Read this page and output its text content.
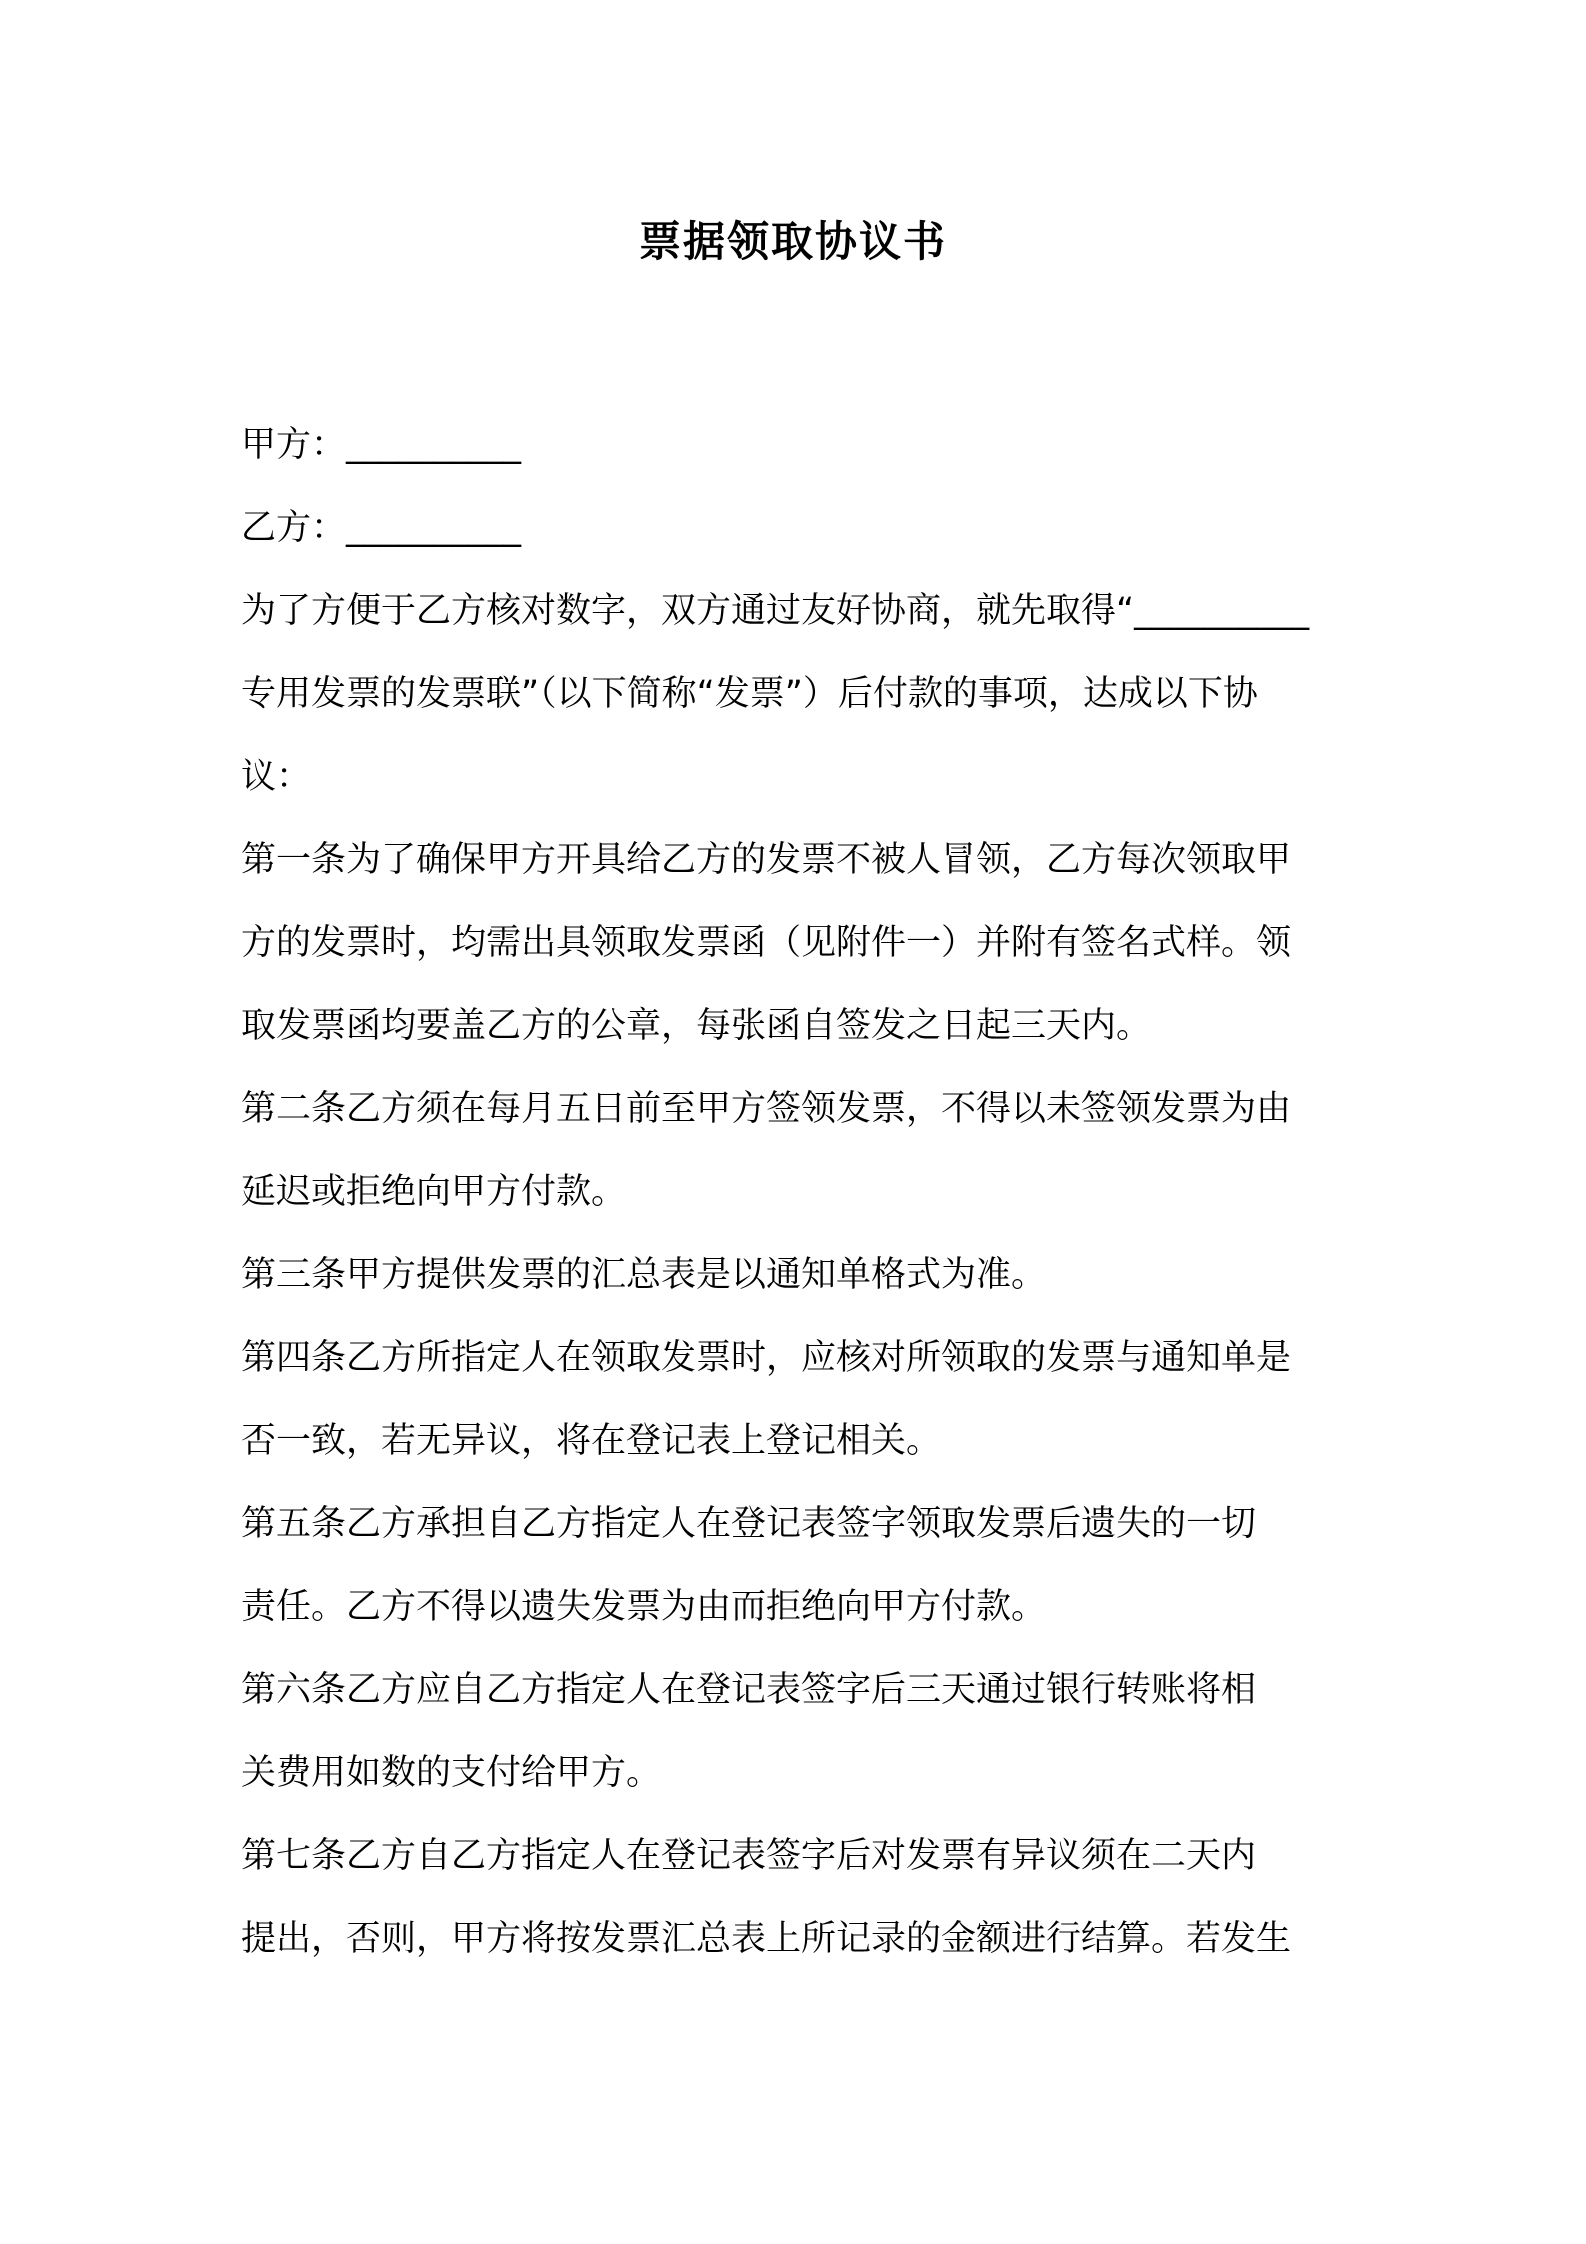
票据领取协议书
甲方：__________
乙方：__________
为了方便于乙方核对数字，双方通过友好协商，就先取得“__________
专用发票的发票联”（以下简称“发票”）后付款的事项，达成以下协
议：
第一条为了确保甲方开具给乙方的发票不被人冒领，乙方每次领取甲
方的发票时，均需出具领取发票函（见附件一）并附有签名式样。领
取发票函均要盖乙方的公章，每张函自签发之日起三天内。
第二条乙方须在每月五日前至甲方签领发票，不得以未签领发票为由
延迟或拒绝向甲方付款。
第三条甲方提供发票的汇总表是以通知单格式为准。
第四条乙方所指定人在领取发票时，应核对所领取的发票与通知单是
否一致，若无异议，将在登记表上登记相关。
第五条乙方承担自乙方指定人在登记表签字领取发票后遗失的一切
责任。乙方不得以遗失发票为由而拒绝向甲方付款。
第六条乙方应自乙方指定人在登记表签字后三天通过银行转账将相
关费用如数的支付给甲方。
第七条乙方自乙方指定人在登记表签字后对发票有异议须在二天内
提出，否则，甲方将按发票汇总表上所记录的金额进行结算。若发生
